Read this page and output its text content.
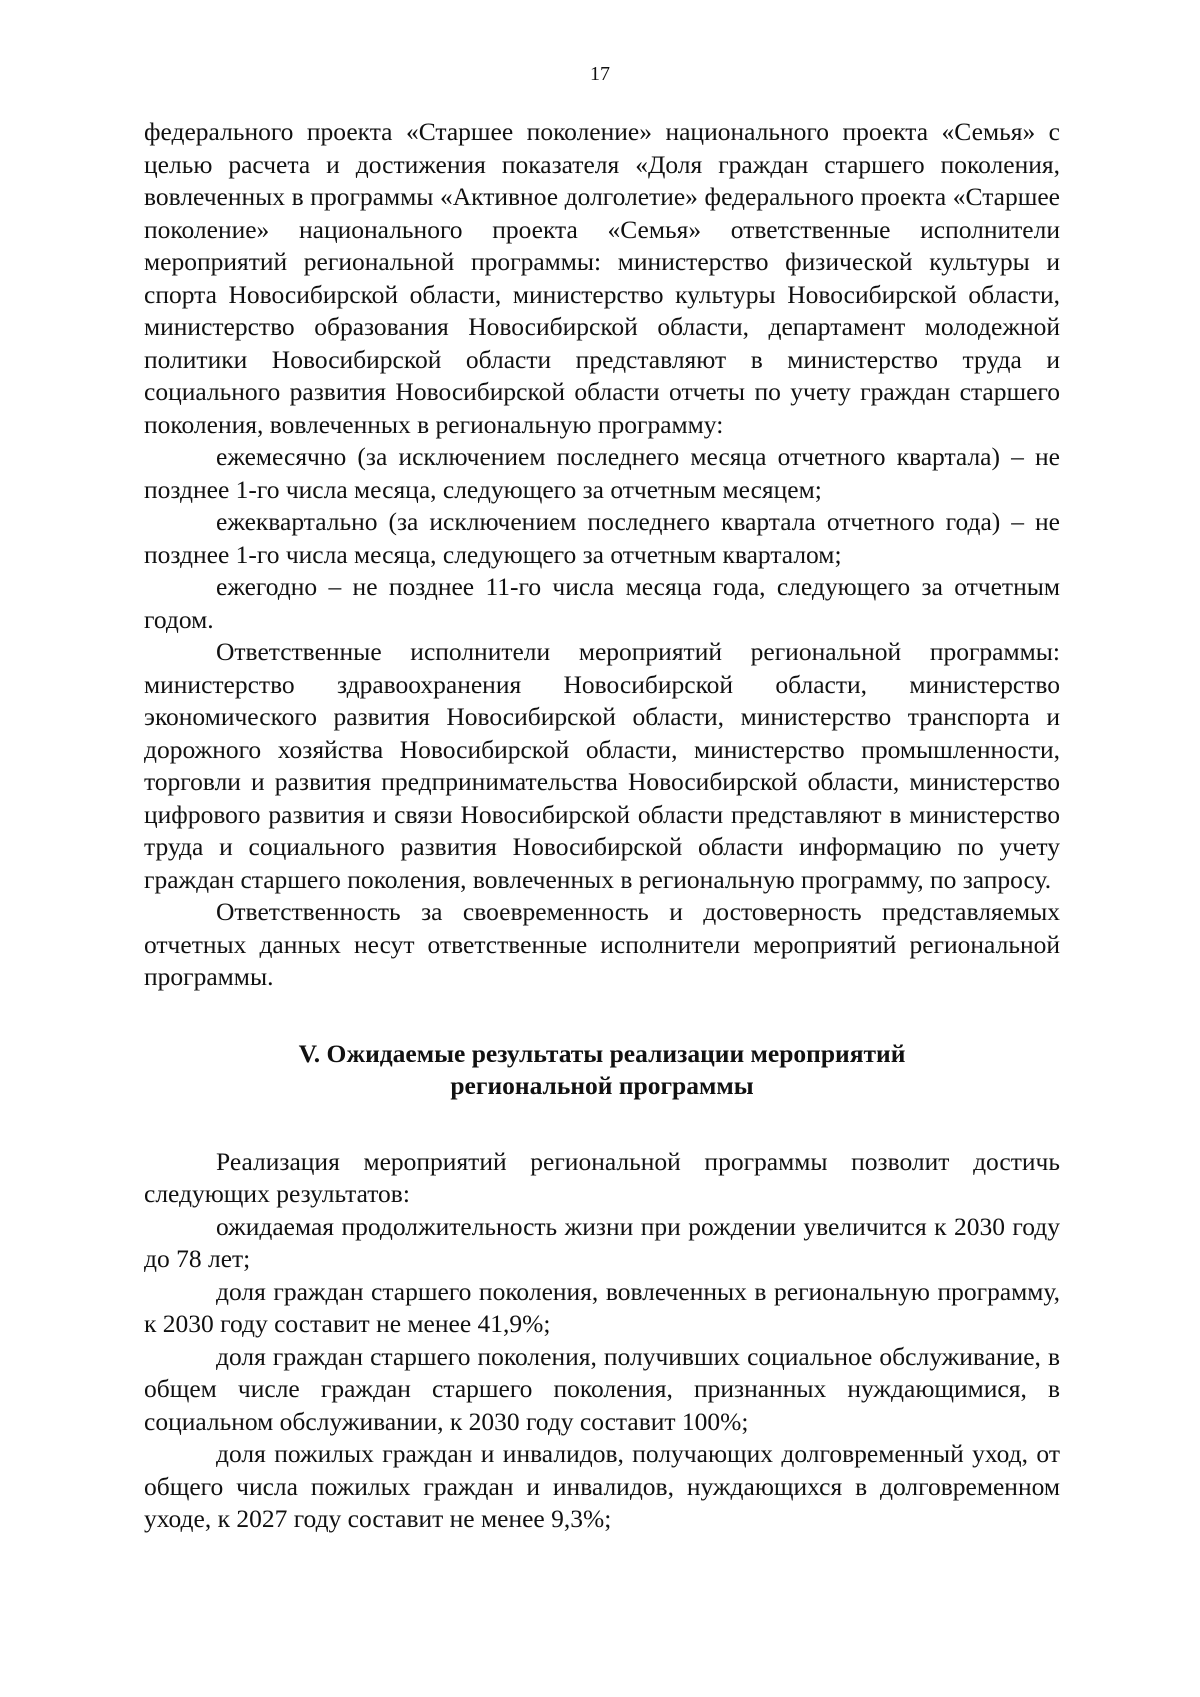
17

федерального проекта «Старшее поколение» национального проекта «Семья» с целью расчета и достижения показателя «Доля граждан старшего поколения, вовлеченных в программы «Активное долголетие» федерального проекта «Старшее поколение» национального проекта «Семья» ответственные исполнители мероприятий региональной программы: министерство физической культуры и спорта Новосибирской области, министерство культуры Новосибирской области, министерство образования Новосибирской области, департамент молодежной политики Новосибирской области представляют в министерство труда и социального развития Новосибирской области отчеты по учету граждан старшего поколения, вовлеченных в региональную программу:

ежемесячно (за исключением последнего месяца отчетного квартала) – не позднее 1-го числа месяца, следующего за отчетным месяцем;

ежеквартально (за исключением последнего квартала отчетного года) – не позднее 1-го числа месяца, следующего за отчетным кварталом;

ежегодно – не позднее 11-го числа месяца года, следующего за отчетным годом.

Ответственные исполнители мероприятий региональной программы: министерство здравоохранения Новосибирской области, министерство экономического развития Новосибирской области, министерство транспорта и дорожного хозяйства Новосибирской области, министерство промышленности, торговли и развития предпринимательства Новосибирской области, министерство цифрового развития и связи Новосибирской области представляют в министерство труда и социального развития Новосибирской области информацию по учету граждан старшего поколения, вовлеченных в региональную программу, по запросу.

Ответственность за своевременность и достоверность представляемых отчетных данных несут ответственные исполнители мероприятий региональной программы.

V. Ожидаемые результаты реализации мероприятий
региональной программы

Реализация мероприятий региональной программы позволит достичь следующих результатов:

ожидаемая продолжительность жизни при рождении увеличится к 2030 году до 78 лет;

доля граждан старшего поколения, вовлеченных в региональную программу, к 2030 году составит не менее 41,9%;

доля граждан старшего поколения, получивших социальное обслуживание, в общем числе граждан старшего поколения, признанных нуждающимися, в социальном обслуживании, к 2030 году составит 100%;

доля пожилых граждан и инвалидов, получающих долговременный уход, от общего числа пожилых граждан и инвалидов, нуждающихся в долговременном уходе, к 2027 году составит не менее 9,3%;
